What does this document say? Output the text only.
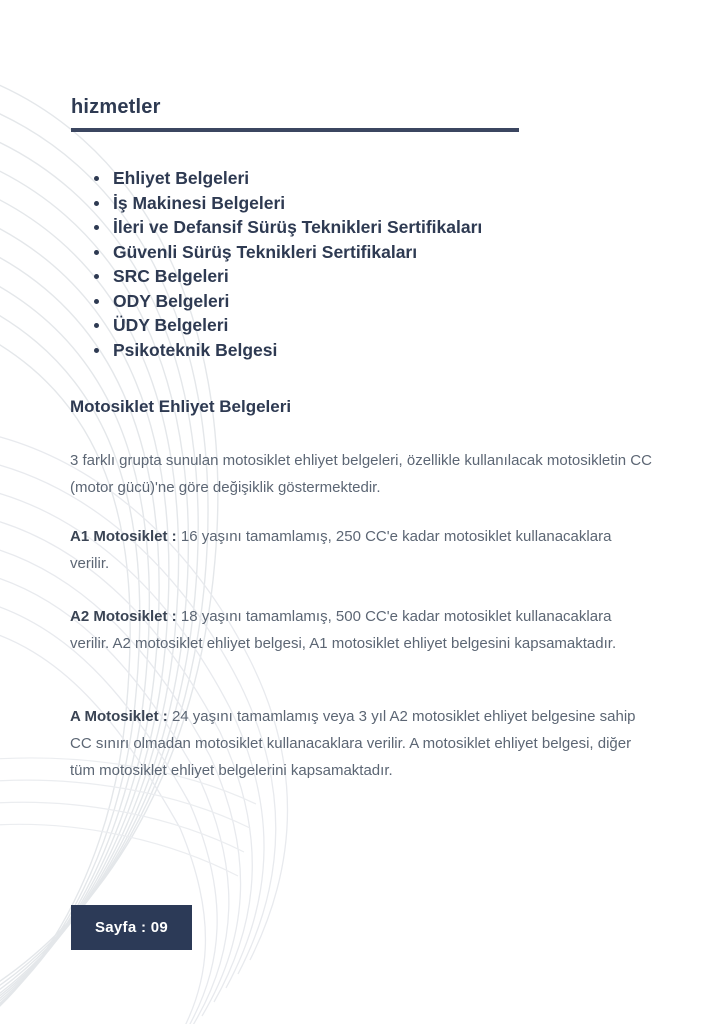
hizmetler
Ehliyet Belgeleri
İş Makinesi Belgeleri
İleri ve Defansif Sürüş Teknikleri Sertifikaları
Güvenli Sürüş Teknikleri Sertifikaları
SRC Belgeleri
ODY Belgeleri
ÜDY Belgeleri
Psikoteknik Belgesi
Motosiklet Ehliyet Belgeleri

3 farklı grupta sunulan motosiklet ehliyet belgeleri, özellikle kullanılacak motosikletin CC (motor gücü)'ne göre değişiklik göstermektedir.

A1 Motosiklet : 16 yaşını tamamlamış, 250 CC'e kadar motosiklet kullanacaklara verilir.

A2 Motosiklet : 18 yaşını tamamlamış, 500 CC'e kadar motosiklet kullanacaklara verilir. A2 motosiklet ehliyet belgesi, A1 motosiklet ehliyet belgesini kapsamaktadır.

A Motosiklet : 24 yaşını tamamlamış veya 3 yıl A2 motosiklet ehliyet belgesine sahip CC sınırı olmadan motosiklet kullanacaklara verilir. A motosiklet ehliyet belgesi, diğer tüm motosiklet ehliyet belgelerini kapsamaktadır.

Sayfa : 09
